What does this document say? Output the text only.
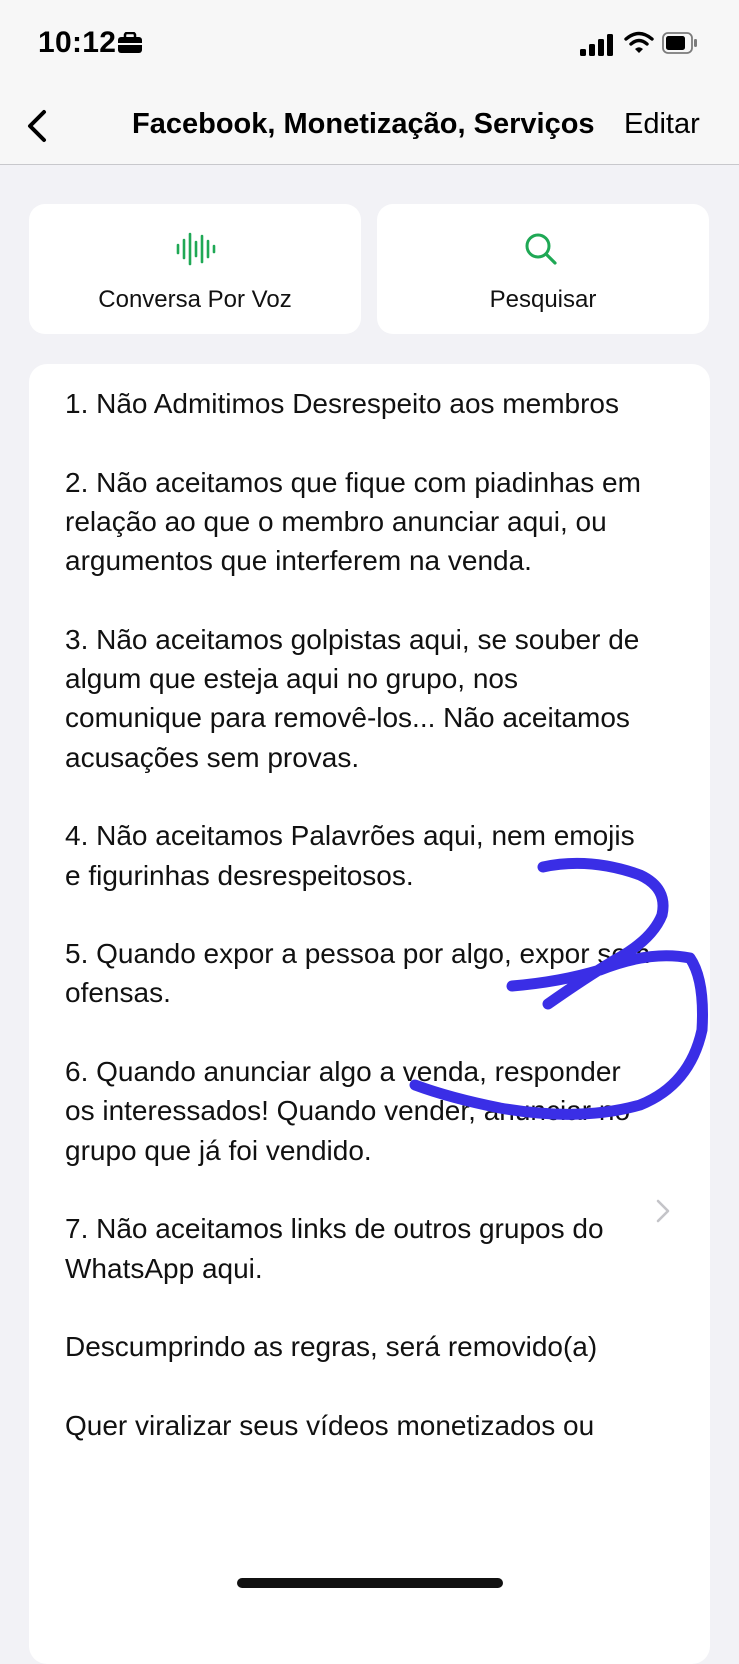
10:12
Facebook, Monetização, Serviços Editar
Conversa Por Voz	Pesquisar

1. Não Admitimos Desrespeito aos membros

2. Não aceitamos que fique com piadinhas em relação ao que o membro anunciar aqui, ou argumentos que interferem na venda.

3. Não aceitamos golpistas aqui, se souber de algum que esteja aqui no grupo, nos comunique para removê-los... Não aceitamos acusações sem provas.

4. Não aceitamos Palavrões aqui, nem emojis e figurinhas desrespeitosos.

5. Quando expor a pessoa por algo, expor sem ofensas.

6. Quando anunciar algo a venda, responder os interessados! Quando vender, anunciar no grupo que já foi vendido.

7. Não aceitamos links de outros grupos do WhatsApp aqui.

Descumprindo as regras, será removido(a)

Quer viralizar seus vídeos monetizados ou
